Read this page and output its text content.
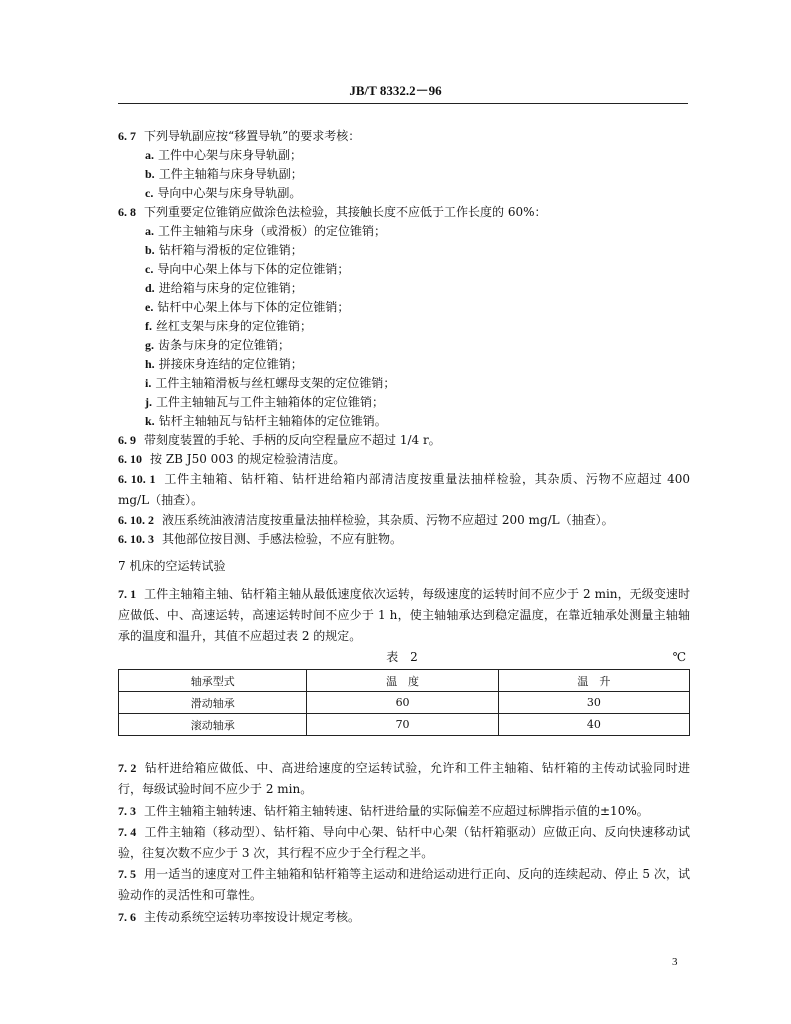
JB/T 8332.2－96
6. 7 下列导轨副应按“移置导轨”的要求考核：
a. 工件中心架与床身导轨副；
b. 工件主轴箱与床身导轨副；
c. 导向中心架与床身导轨副。
6. 8 下列重要定位锥销应做涂色法检验，其接触长度不应低于工作长度的 60%：
a. 工件主轴箱与床身（或滑板）的定位锥销；
b. 钻杆箱与滑板的定位锥销；
c. 导向中心架上体与下体的定位锥销；
d. 进给箱与床身的定位锥销；
e. 钻杆中心架上体与下体的定位锥销；
f. 丝杠支架与床身的定位锥销；
g. 齿条与床身的定位锥销；
h. 拼接床身连结的定位锥销；
i. 工件主轴箱滑板与丝杠螺母支架的定位锥销；
j. 工件主轴轴瓦与工件主轴箱体的定位锥销；
k. 钻杆主轴轴瓦与钻杆主轴箱体的定位锥销。
6. 9 带刻度装置的手轮、手柄的反向空程量应不超过 1/4 r。
6. 10 按 ZB J50 003 的规定检验清洁度。
6. 10. 1 工件主轴箱、钻杆箱、钻杆进给箱内部清洁度按重量法抽样检验，其杂质、污物不应超过 400 mg/L（抽查）。
6. 10. 2 液压系统油液清洁度按重量法抽样检验，其杂质、污物不应超过 200 mg/L（抽查）。
6. 10. 3 其他部位按目测、手感法检验，不应有脏物。
7 机床的空运转试验
7. 1 工件主轴箱主轴、钻杆箱主轴从最低速度依次运转，每级速度的运转时间不应少于 2 min，无级变速时应做低、中、高速运转，高速运转时间不应少于 1 h，使主轴轴承达到稳定温度，在靠近轴承处测量主轴轴承的温度和温升，其值不应超过表 2 的规定。
表 2	℃
轴承型式	温　度	温　升
滑动轴承	60	30
滚动轴承	70	40
7. 2 钻杆进给箱应做低、中、高进给速度的空运转试验，允许和工件主轴箱、钻杆箱的主传动试验同时进行，每级试验时间不应少于 2 min。
7. 3 工件主轴箱主轴转速、钻杆箱主轴转速、钻杆进给量的实际偏差不应超过标牌指示值的±10%。
7. 4 工件主轴箱（移动型）、钻杆箱、导向中心架、钻杆中心架（钻杆箱驱动）应做正向、反向快速移动试验，往复次数不应少于 3 次，其行程不应少于全行程之半。
7. 5 用一适当的速度对工件主轴箱和钻杆箱等主运动和进给运动进行正向、反向的连续起动、停止 5 次，试验动作的灵活性和可靠性。
7. 6 主传动系统空运转功率按设计规定考核。
3
